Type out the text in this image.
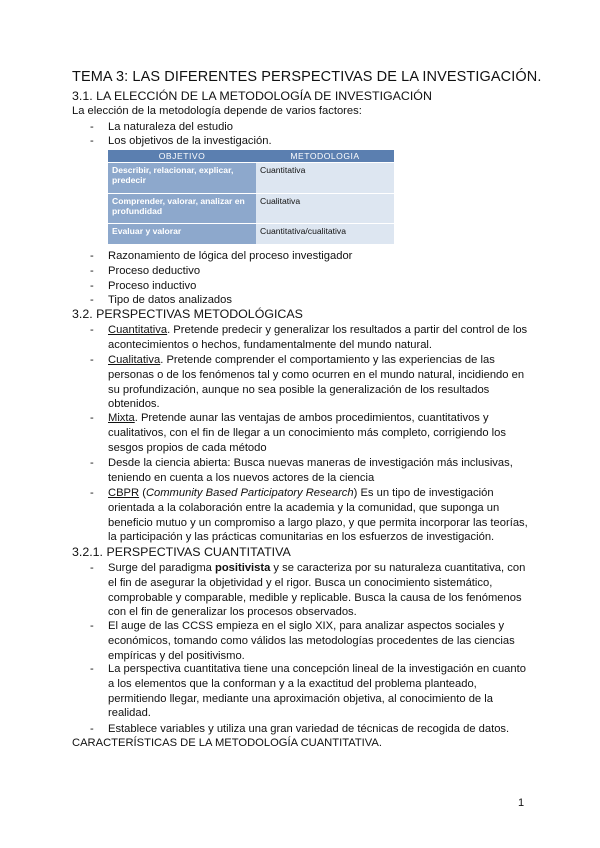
TEMA 3: LAS DIFERENTES PERSPECTIVAS DE LA INVESTIGACIÓN.
3.1. LA ELECCIÓN DE LA METODOLOGÍA DE INVESTIGACIÓN
La elección de la metodología depende de varios factores:
- La naturaleza del estudio
- Los objetivos de la investigación.
OBJETIVO	METODOLOGIA
Describir, relacionar, explicar, predecir	Cuantitativa
Comprender, valorar, analizar en profundidad	Cualitativa
Evaluar y valorar	Cuantitativa/cualitativa
- Razonamiento de lógica del proceso investigador
- Proceso deductivo
- Proceso inductivo
- Tipo de datos analizados
3.2. PERSPECTIVAS METODOLÓGICAS
- Cuantitativa. Pretende predecir y generalizar los resultados a partir del control de los acontecimientos o hechos, fundamentalmente del mundo natural.
- Cualitativa. Pretende comprender el comportamiento y las experiencias de las personas o de los fenómenos tal y como ocurren en el mundo natural, incidiendo en su profundización, aunque no sea posible la generalización de los resultados obtenidos.
- Mixta. Pretende aunar las ventajas de ambos procedimientos, cuantitativos y cualitativos, con el fin de llegar a un conocimiento más completo, corrigiendo los sesgos propios de cada método
- Desde la ciencia abierta: Busca nuevas maneras de investigación más inclusivas, teniendo en cuenta a los nuevos actores de la ciencia
- CBPR (Community Based Participatory Research) Es un tipo de investigación orientada a la colaboración entre la academia y la comunidad, que suponga un beneficio mutuo y un compromiso a largo plazo, y que permita incorporar las teorías, la participación y las prácticas comunitarias en los esfuerzos de investigación.
3.2.1. PERSPECTIVAS CUANTITATIVA
- Surge del paradigma positivista y se caracteriza por su naturaleza cuantitativa, con el fin de asegurar la objetividad y el rigor. Busca un conocimiento sistemático, comprobable y comparable, medible y replicable. Busca la causa de los fenómenos con el fin de generalizar los procesos observados.
- El auge de las CCSS empieza en el siglo XIX, para analizar aspectos sociales y económicos, tomando como válidos las metodologías procedentes de las ciencias empíricas y del positivismo.
- La perspectiva cuantitativa tiene una concepción lineal de la investigación en cuanto a los elementos que la conforman y a la exactitud del problema planteado, permitiendo llegar, mediante una aproximación objetiva, al conocimiento de la realidad.
- Establece variables y utiliza una gran variedad de técnicas de recogida de datos.
CARACTERÍSTICAS DE LA METODOLOGÍA CUANTITATIVA.
1
